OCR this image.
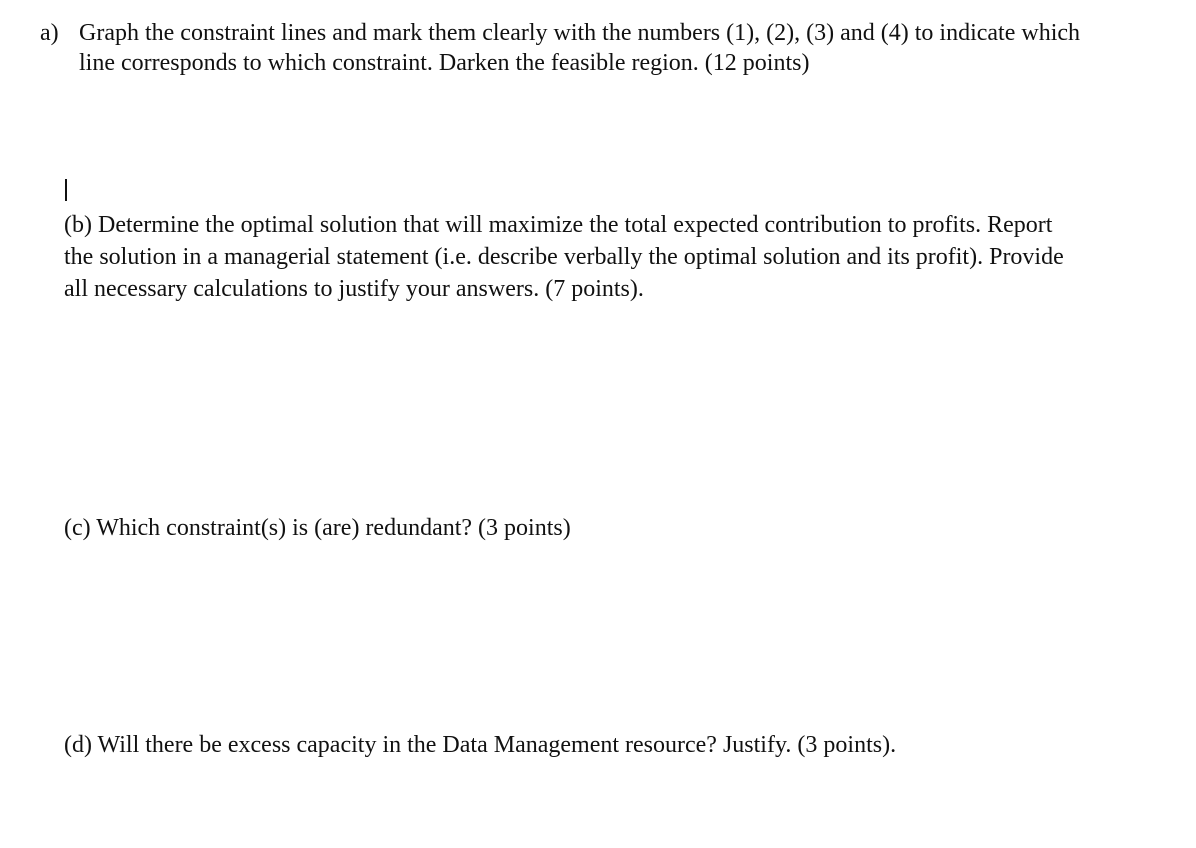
a) Graph the constraint lines and mark them clearly with the numbers (1), (2), (3) and (4) to indicate which
line corresponds to which constraint. Darken the feasible region. (12 points)
(b) Determine the optimal solution that will maximize the total expected contribution to profits. Report
the solution in a managerial statement (i.e. describe verbally the optimal solution and its profit). Provide
all necessary calculations to justify your answers. (7 points).

(c) Which constraint(s) is (are) redundant? (3 points)

(d) Will there be excess capacity in the Data Management resource? Justify. (3 points).
